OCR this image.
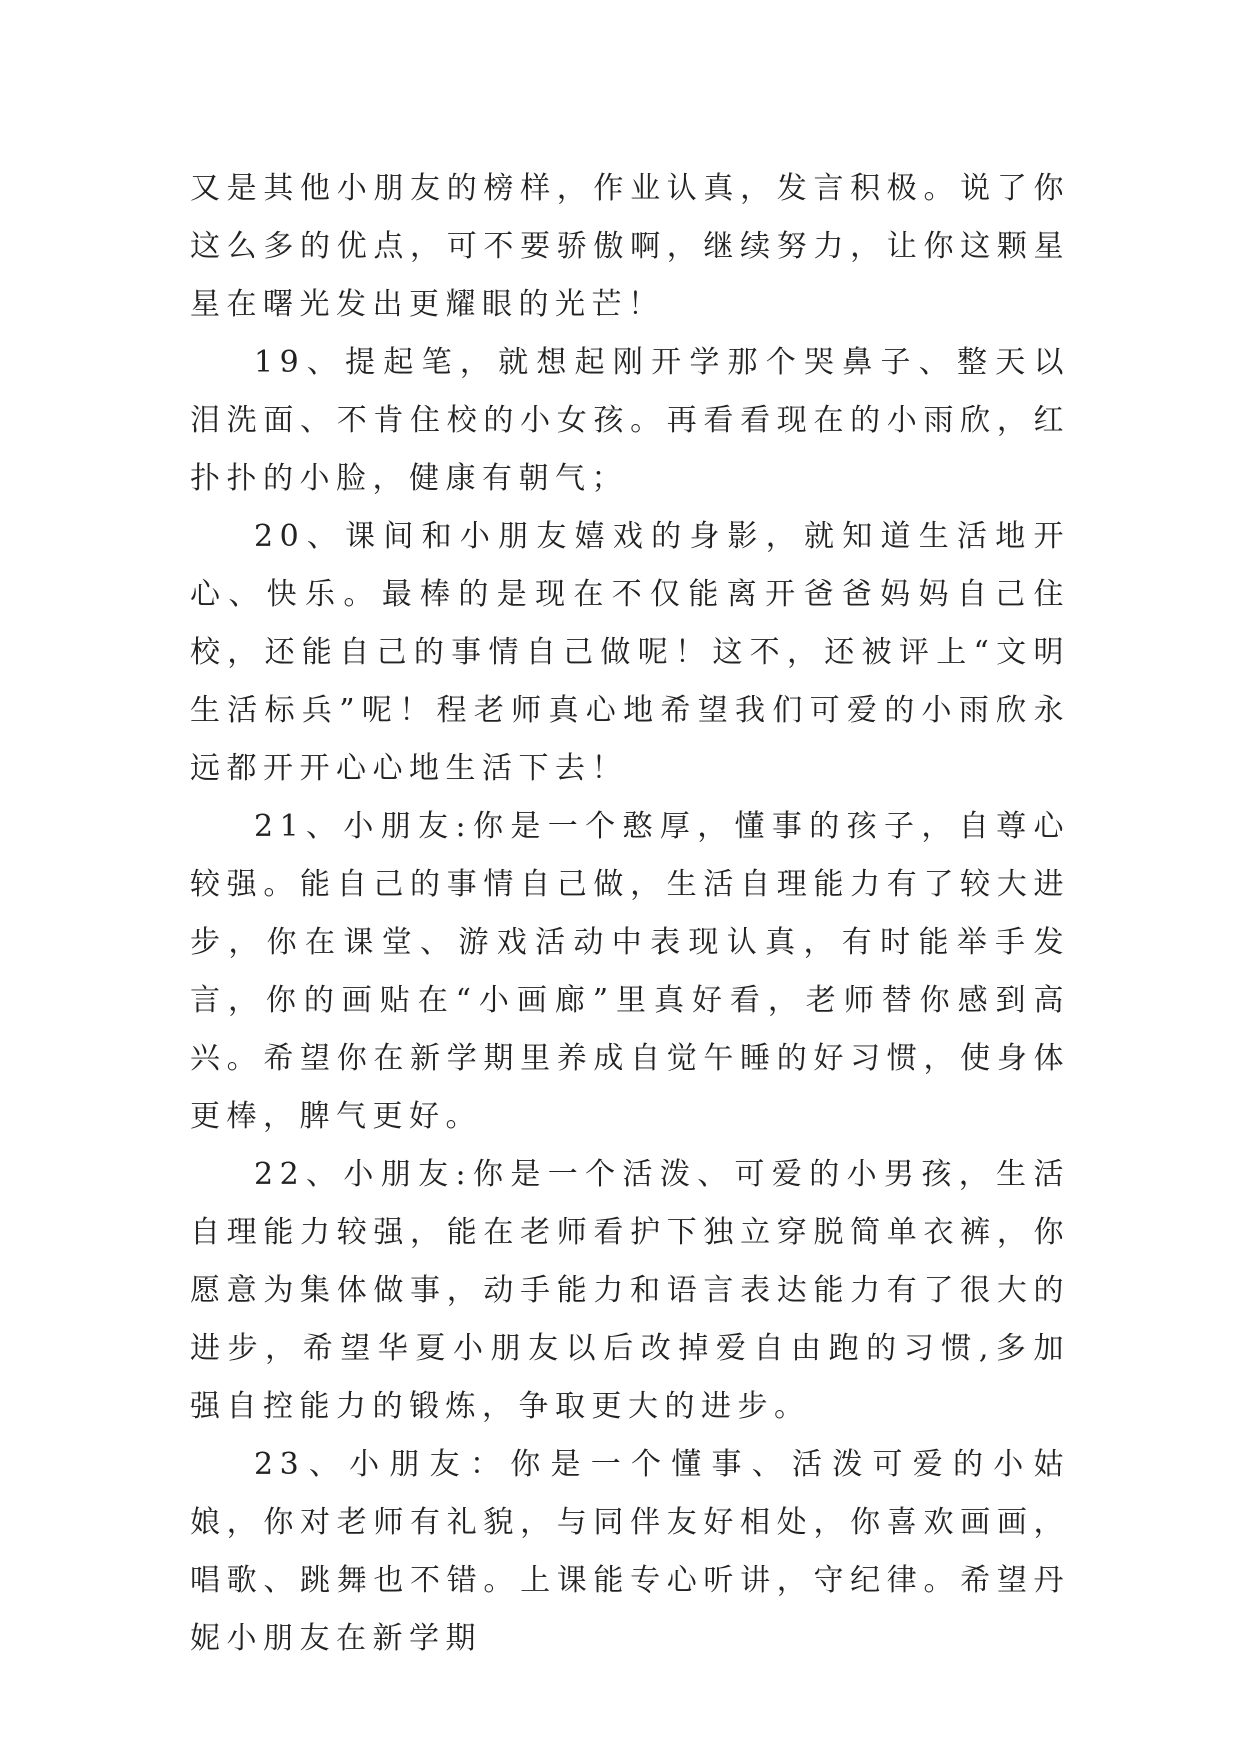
又是其他小朋友的榜样，作业认真，发言积极。说了你这么多的优点，可不要骄傲啊，继续努力，让你这颗星星在曙光发出更耀眼的光芒！

19、提起笔，就想起刚开学那个哭鼻子、整天以泪洗面、不肯住校的小女孩。再看看现在的小雨欣，红扑扑的小脸，健康有朝气；

20、课间和小朋友嬉戏的身影，就知道生活地开心、快乐。最棒的是现在不仅能离开爸爸妈妈自己住校，还能自己的事情自己做呢！这不，还被评上“文明生活标兵”呢！程老师真心地希望我们可爱的小雨欣永远都开开心心地生活下去！

21、小朋友:你是一个憨厚，懂事的孩子，自尊心较强。能自己的事情自己做，生活自理能力有了较大进步，你在课堂、游戏活动中表现认真，有时能举手发言，你的画贴在“小画廊”里真好看，老师替你感到高兴。希望你在新学期里养成自觉午睡的好习惯，使身体更棒，脾气更好。

22、小朋友:你是一个活泼、可爱的小男孩，生活自理能力较强，能在老师看护下独立穿脱简单衣裤，你愿意为集体做事，动手能力和语言表达能力有了很大的进步，希望华夏小朋友以后改掉爱自由跑的习惯,多加强自控能力的锻炼，争取更大的进步。

23、小朋友：你是一个懂事、活泼可爱的小姑娘，你对老师有礼貌，与同伴友好相处，你喜欢画画，唱歌、跳舞也不错。上课能专心听讲，守纪律。希望丹妮小朋友在新学期
